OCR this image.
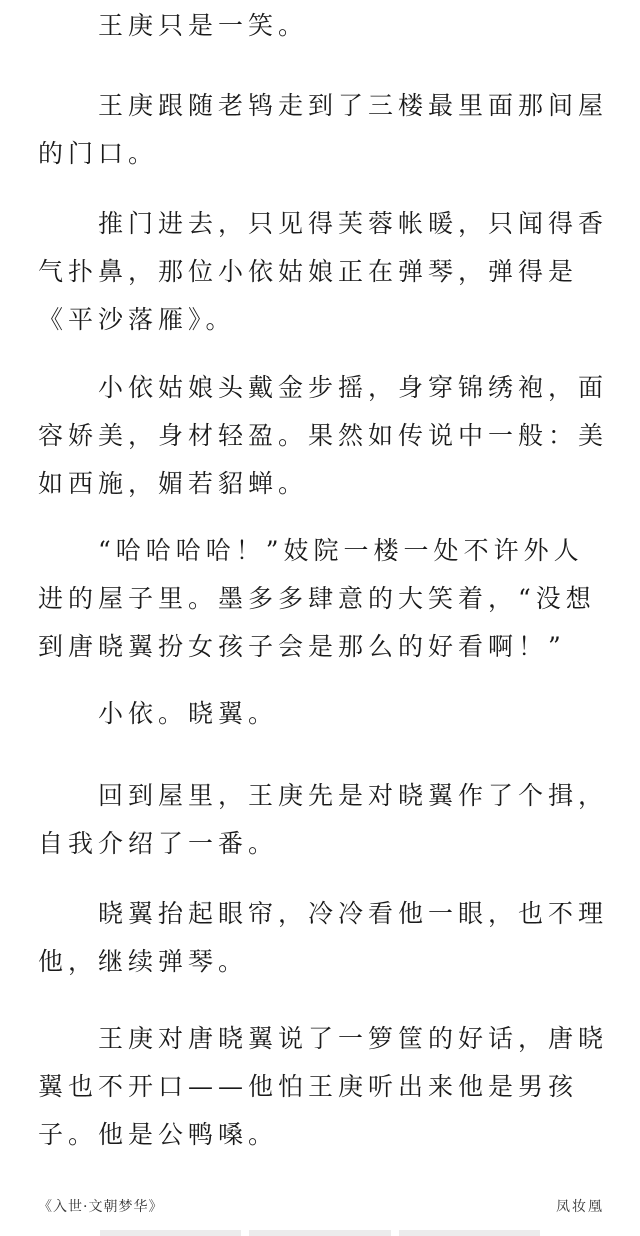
王庚只是一笑。

王庚跟随老鸨走到了三楼最里面那间屋的门口。

推门进去，只见得芙蓉帐暖，只闻得香气扑鼻，那位小依姑娘正在弹琴，弹得是《平沙落雁》。

小依姑娘头戴金步摇，身穿锦绣袍，面容娇美，身材轻盈。果然如传说中一般：美如西施，媚若貂蝉。

“哈哈哈哈！”妓院一楼一处不许外人进的屋子里。墨多多肆意的大笑着，“没想到唐晓翼扮女孩子会是那么的好看啊！”

小依。晓翼。

回到屋里，王庚先是对晓翼作了个揖，自我介绍了一番。

晓翼抬起眼帘，冷冷看他一眼，也不理他，继续弹琴。

王庚对唐晓翼说了一箩筐的好话，唐晓翼也不开口——他怕王庚听出来他是男孩子。他是公鸭嗓。

《入世·文朝梦华》	凤妆凰
